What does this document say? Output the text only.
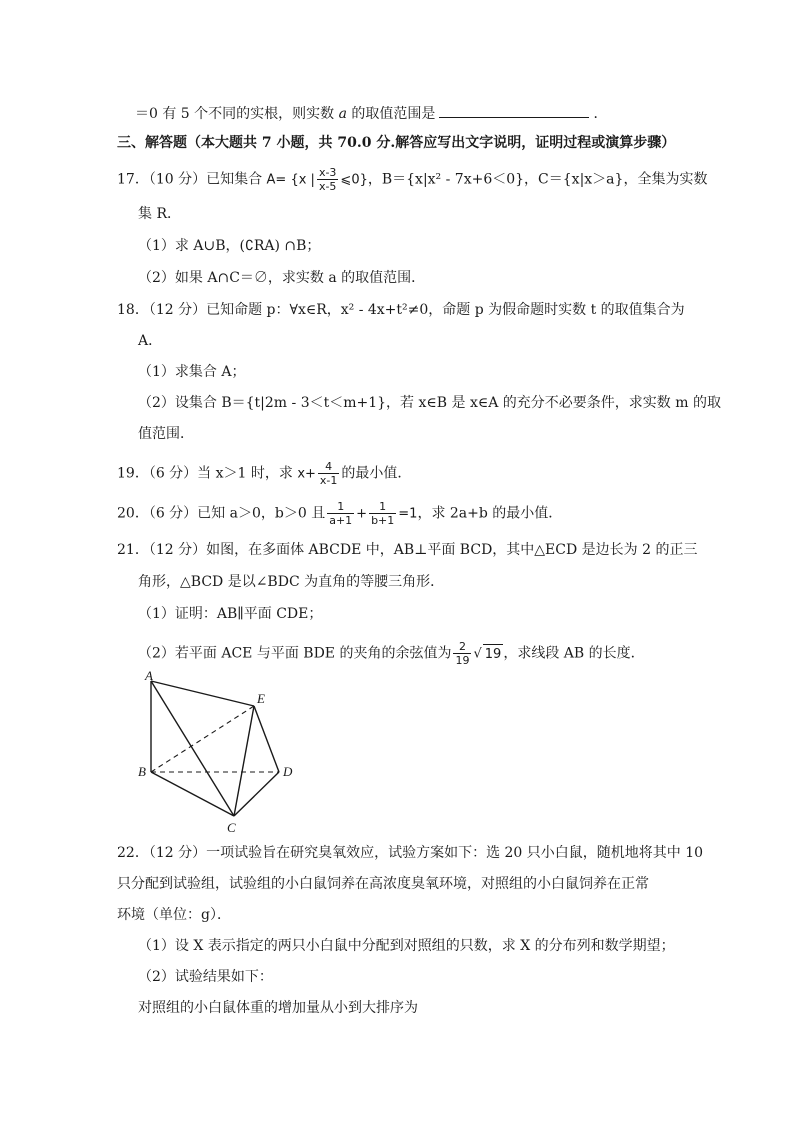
＝0 有 5 个不同的实根，则实数 a 的取值范围是	．
三、解答题（本大题共 7 小题，共 70.0 分.解答应写出文字说明，证明过程或演算步骤）
17．（10 分）已知集合 A= {x | $\frac{x-3}{x-5}$ ⩽0}，B＝{x|x² - 7x+6＜0}，C＝{x|x＞a}，全集为实数
集 R．
（1）求 A∪B，(∁RA) ∩B；
（2）如果 A∩C＝∅，求实数 a 的取值范围．
18．（12 分）已知命题 p：∀x∈R，x² - 4x+t²≠0，命题 p 为假命题时实数 t 的取值集合为
A．
（1）求集合 A；
（2）设集合 B＝{t|2m - 3＜t＜m+1}，若 x∈B 是 x∈A 的充分不必要条件，求实数 m 的取
值范围．
19．（6 分）当 x＞1 时，求 $x+ \frac{4}{x-1}$ 的最小值．
20．（6 分）已知 a＞0，b＞0 且 $\frac{1}{a+1} + \frac{1}{b+1} =1$，求 2a+b 的最小值．
21．（12 分）如图，在多面体 ABCDE 中，AB⊥平面 BCD，其中△ECD 是边长为 2 的正三
角形，△BCD 是以∠BDC 为直角的等腰三角形．
（1）证明：AB∥平面 CDE；
（2）若平面 ACE 与平面 BDE 的夹角的余弦值为 $\frac{2}{19}$ √ 19 ，求线段 AB 的长度．
A
E
B	D
C
22．（12 分）一项试验旨在研究臭氧效应，试验方案如下：选 20 只小白鼠，随机地将其中 10
只分配到试验组，试验组的小白鼠饲养在高浓度臭氧环境，对照组的小白鼠饲养在正常
环境（单位：g）．
（1）设 X 表示指定的两只小白鼠中分配到对照组的只数，求 X 的分布列和数学期望；
（2）试验结果如下：
对照组的小白鼠体重的增加量从小到大排序为
